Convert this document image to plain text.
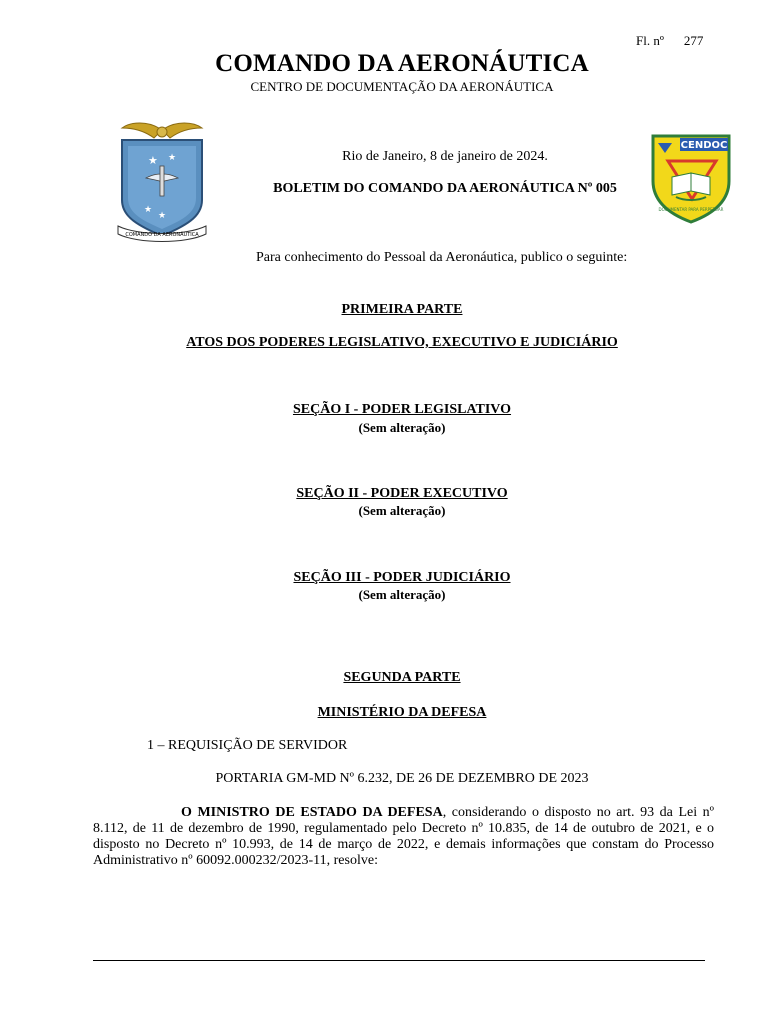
Fl. nº 277
COMANDO DA AERONÁUTICA
CENTRO DE DOCUMENTAÇÃO DA AERONÁUTICA
★ ★
★
★
COMANDO DA AERONÁUTICA
CENDOC
DOCUMENTAR PARA PERPETUAR
Rio de Janeiro, 8 de janeiro de 2024.
BOLETIM DO COMANDO DA AERONÁUTICA Nº 005
Para conhecimento do Pessoal da Aeronáutica, publico o seguinte:
PRIMEIRA PARTE
ATOS DOS PODERES LEGISLATIVO, EXECUTIVO E JUDICIÁRIO
SEÇÃO I - PODER LEGISLATIVO
(Sem alteração)
SEÇÃO II - PODER EXECUTIVO
(Sem alteração)
SEÇÃO III - PODER JUDICIÁRIO
(Sem alteração)
SEGUNDA PARTE
MINISTÉRIO DA DEFESA
1 – REQUISIÇÃO DE SERVIDOR
PORTARIA GM-MD Nº 6.232, DE 26 DE DEZEMBRO DE 2023
O MINISTRO DE ESTADO DA DEFESA, considerando o disposto no art. 93 da Lei nº 8.112, de 11 de dezembro de 1990, regulamentado pelo Decreto nº 10.835, de 14 de outubro de 2021, e o disposto no Decreto nº 10.993, de 14 de março de 2022, e demais informações que constam do Processo Administrativo nº 60092.000232/2023-11, resolve:
